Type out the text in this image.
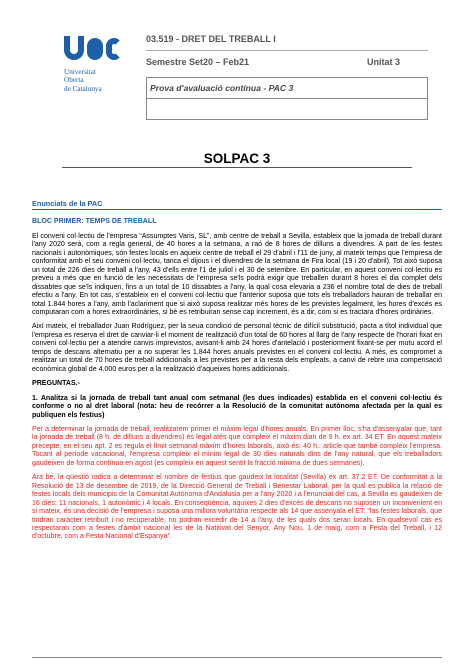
Universitat
Oberta
de Catalunya
03.519 - DRET DEL TREBALL I
Semestre Set20 – Feb21	Unitat 3
Prova d'avaluació contínua - PAC 3
SOLPAC 3
Enunciats de la PAC
BLOC PRIMER: TEMPS DE TREBALL

El conveni col·lectiu de l'empresa “Assumptes Varis, SL”, amb centre de treball a Sevilla, estableix que la jornada de treball durant l'any 2020 serà, com a regla general, de 40 hores a la setmana, a raó de 8 hores de dilluns a divendres. A part de les festes nacionals i autonòmiques, són festes locals en aqueix centre de treball el 29 d'abril i l'11 de juny, al mateix temps que l'empresa de conformitat amb el seu conveni col·lectiu, tanca el dijous i el divendres de la setmana de Fira local (19 i 20 d'abril). Tot això suposa un total de 226 dies de treball a l'any, 43 d'ells entre l'1 de juliol i el 30 de setembre. En particular, en aquest conveni col·lectiu es preveu a més que en funció de les necessitats de l'empresa se'ls podrà exigir que treballen durant 8 hores el dia complet dels dissabtes que se'ls indiquen, fins a un total de 10 dissabtes a l'any, la qual cosa elevaria a 236 el nombre total de dies de treball efectiu a l'any. En tot cas, s'estableix en el conveni col·lectiu que l'anterior suposa que tots els treballadors hauran de treballar en total 1.844 hores a l'any, amb l'aclariment que si això suposa realitzar més hores de les previstes legalment, les hores d'excés es computaran com a hores extraordinàries, si bé es retribuiran sense cap increment, és a dir, com si es tractara d'hores ordinàries.

Així mateix, el treballador Juan Rodríguez, per la seua condició de personal tècnic de difícil substitució, pacta a títol individual que l'empresa es reserva el dret de canviar-li el moment de realització d'un total de 60 hores al llarg de l'any respecte de l'horari fixat en conveni col·lectiu per a atendre canvis imprevistos, avisant-li amb 24 hores d'antelació i posteriorment fixant-se per mutu acord el temps de descans alternatiu per a no superar les 1.844 hores anuals previstes en el conveni col·lectiu. A més, es compromet a realitzar un total de 70 hores de treball addicionals a les previstes per a la resta dels empleats, a canvi de rebre una compensació econòmica global de 4.000 euros per a la realització d'aqueixes hores addicionals.

PREGUNTAS.-

1. Analitza si la jornada de treball tant anual com setmanal (les dues indicades) establida en el conveni col·lectiu és conforme o no al dret laboral (nota: heu de recórrer a la Resolució de la comunitat autònoma afectada per la qual es publiquen els festius)
Per a determinar la jornada de treball, realitzarem primer el màxim legal d'hores anuals. En primer lloc, s'ha d'assenyalar que, tant la jornada de treball (8 h. de dilluns a divendres) és legal atès que compleix el màxim diari de 9 h. ex art. 34 ET. En aquest mateix precepte, en el seu apt. 2 es regula el límit setmanal màxim d'hores laborals, això és: 40 h.: article que també compleix l'empresa. Tocant al període vacacional, l'empresa compleix el mínim legal de 30 dies naturals dins de l'any natural, que els treballadors gaudeixen de forma contínua en agost (es compleix en aquest sentit la fracció mínima de dues setmanes).
Ara bé, la qüestió radica a determinar el nombre de festius que gaudeix la localitat (Sevilla) ex art. 37.2 ET. De conformitat a la Resolució de 13 de desembre de 2019, de la Direcció General de Treball i Benestar Laboral, per la qual es publica la relació de festes locals dels municipis de la Comunitat Autònoma d'Andalusia per a l'any 2020 i a l'enunciat del cas, a Sevilla es gaudeixen de 16 dies: 11 nacionals, 1 autonòmic i 4 locals. En conseqüència, aquixes 2 dies d'excés de descans no suposen un inconvenient en si mateix, és una decisió de l'empresa i suposa una millora voluntària respecte als 14 que assenyala el ET: “las festes laborals, que tindran caràcter retribuït i no recuperable, no podran excedir de 14 a l'any, de les quals dos seran locals. En qualsevol cas es respectaran com a festes d'àmbit nacional les de la Natitivat del Senyor, Any Nou, 1 de maig, com a Festa del Treball, i 12 d'octubre, com a Festa Nacional d'Espanya”.
